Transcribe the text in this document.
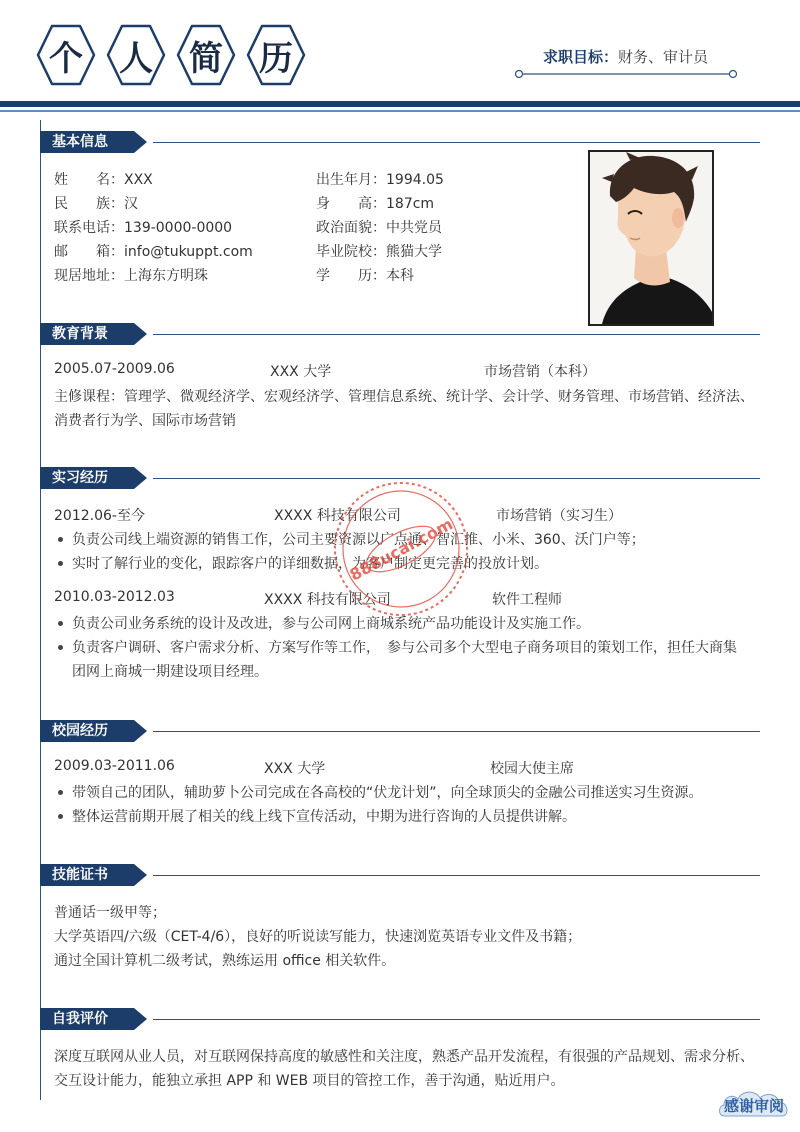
个	人	简	历	求职目标：财务、审计员
基本信息
姓　　名：XXX
民　　族：汉
联系电话：139-0000-0000
邮　　箱：info@tukuppt.com
现居地址：上海东方明珠
出生年月：1994.05
身　　高：187cm
政治面貌：中共党员
毕业院校：熊猫大学
学　　历：本科
教育背景
2005.07-2009.06	XXX 大学	市场营销（本科）
主修课程：管理学、微观经济学、宏观经济学、管理信息系统、统计学、会计学、财务管理、市场营销、经济法、
消费者行为学、国际市场营销
实习经历
2012.06-至今	XXXX 科技有限公司	市场营销（实习生）
负责公司线上端资源的销售工作，公司主要资源以广点通、智汇推、小米、360、沃门户等；
实时了解行业的变化，跟踪客户的详细数据，为客户制定更完善的投放计划。
2010.03-2012.03	XXXX 科技有限公司	软件工程师
负责公司业务系统的设计及改进，参与公司网上商城系统产品功能设计及实施工作。
负责客户调研、客户需求分析、方案写作等工作，　参与公司多个大型电子商务项目的策划工作，担任大商集
团网上商城一期建设项目经理。
校园经历
2009.03-2011.06	XXX 大学	校园大使主席
带领自己的团队，辅助萝卜公司完成在各高校的“伏龙计划”，向全球顶尖的金融公司推送实习生资源。
整体运营前期开展了相关的线上线下宣传活动，中期为进行咨询的人员提供讲解。
技能证书
普通话一级甲等；
大学英语四/六级（CET-4/6），良好的听说读写能力，快速浏览英语专业文件及书籍；
通过全国计算机二级考试，熟练运用 office 相关软件。
自我评价
深度互联网从业人员，对互联网保持高度的敏感性和关注度，熟悉产品开发流程，有很强的产品规划、需求分析、
交互设计能力，能独立承担 APP 和 WEB 项目的管控工作，善于沟通，贴近用户。
888ucai.com
感谢审阅
